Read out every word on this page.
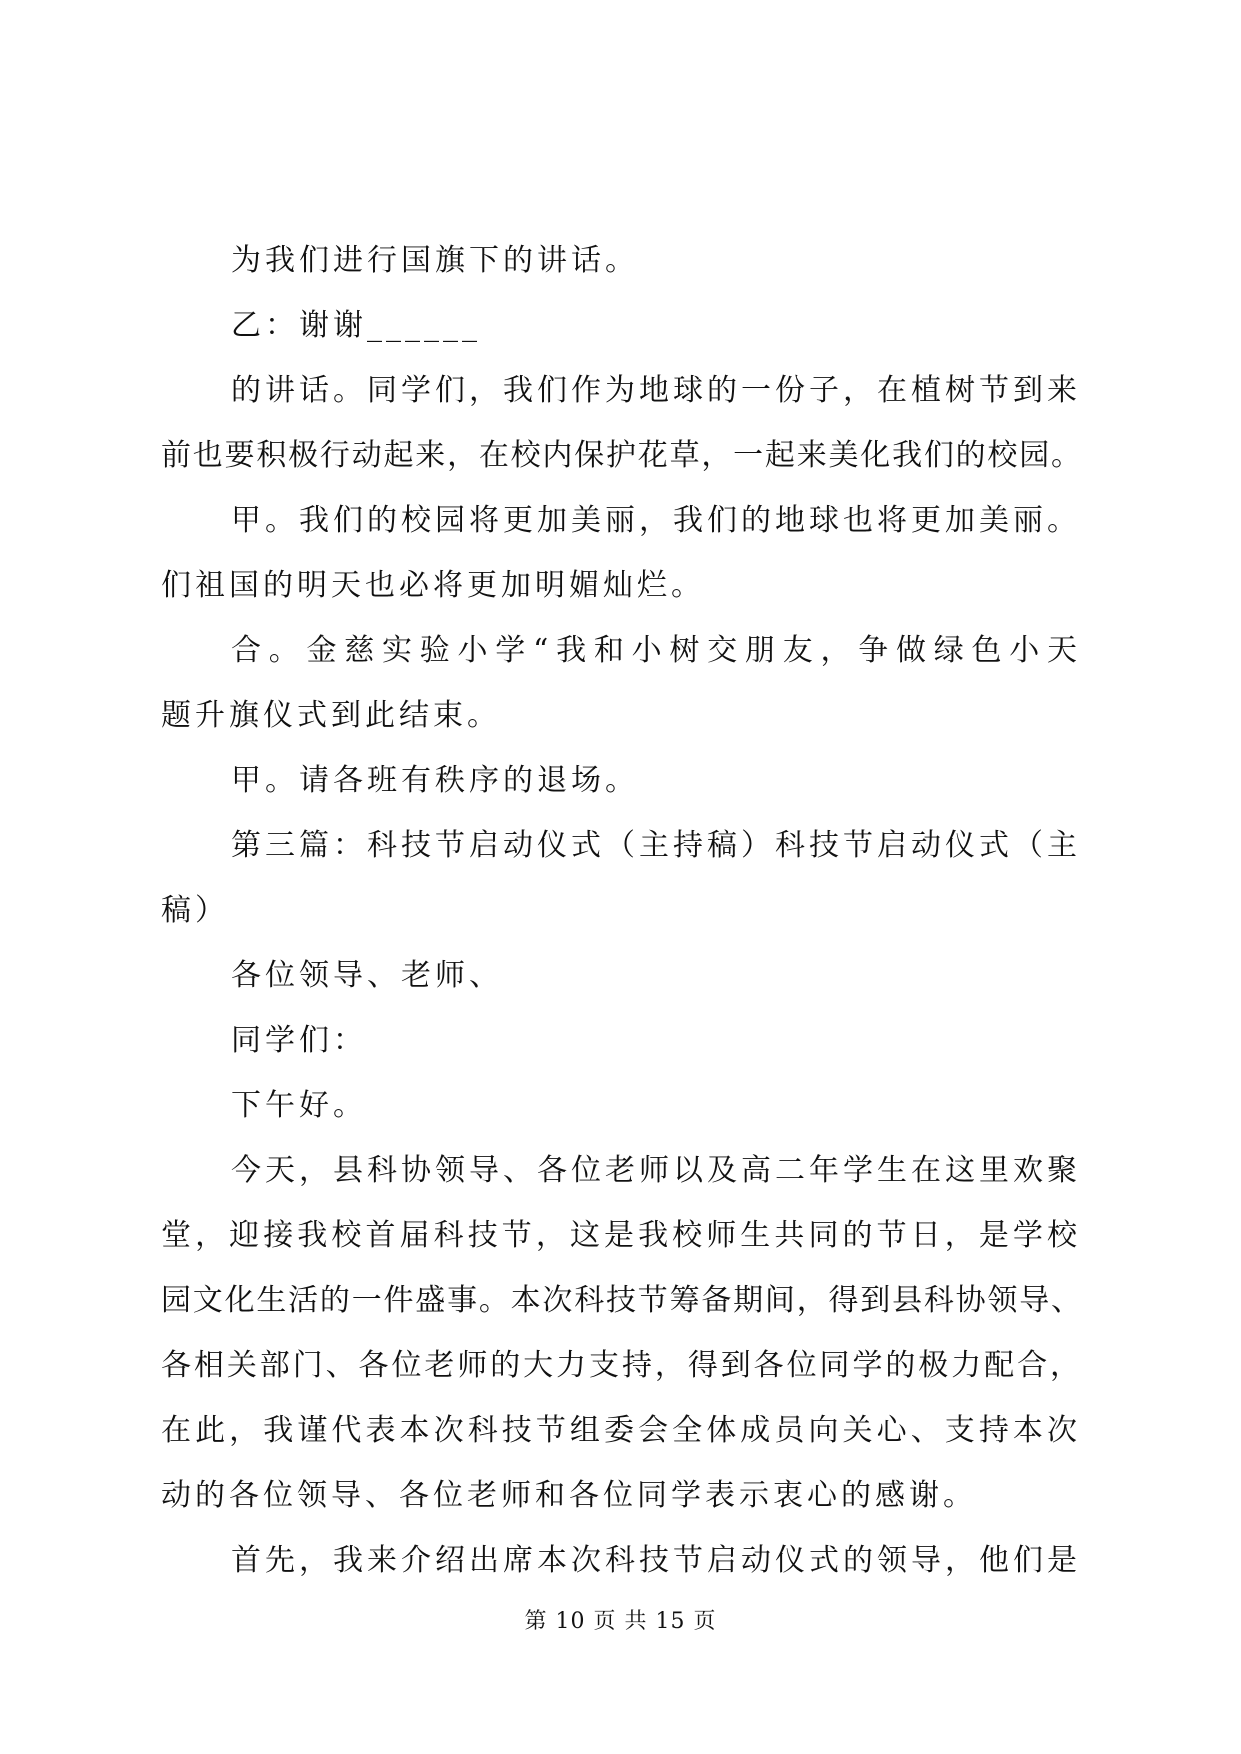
为我们进行国旗下的讲话。
乙：谢谢______
的讲话。同学们，我们作为地球的一份子，在植树节到来
前也要积极行动起来，在校内保护花草，一起来美化我们的校园。
甲。我们的校园将更加美丽，我们的地球也将更加美丽。
们祖国的明天也必将更加明媚灿烂。
合。金慈实验小学“我和小树交朋友，争做绿色小天
题升旗仪式到此结束。
甲。请各班有秩序的退场。
第三篇：科技节启动仪式（主持稿）科技节启动仪式（主
稿）
各位领导、老师、
同学们：
下午好。
今天，县科协领导、各位老师以及高二年学生在这里欢聚
堂，迎接我校首届科技节，这是我校师生共同的节日，是学校
园文化生活的一件盛事。本次科技节筹备期间，得到县科协领导、
各相关部门、各位老师的大力支持，得到各位同学的极力配合，
在此，我谨代表本次科技节组委会全体成员向关心、支持本次
动的各位领导、各位老师和各位同学表示衷心的感谢。
首先，我来介绍出席本次科技节启动仪式的领导，他们是
第 10 页 共 15 页
